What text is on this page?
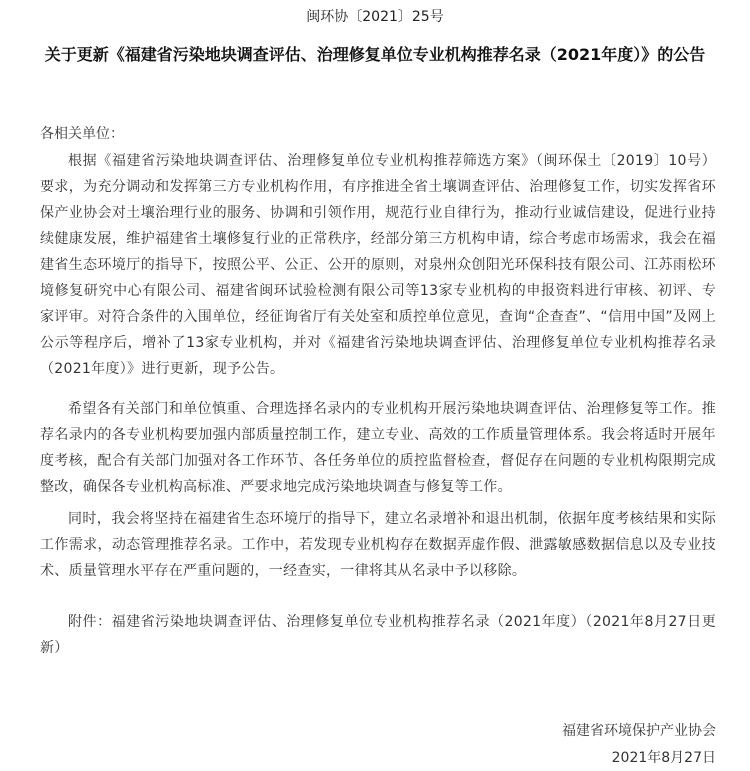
闽环协〔2021〕25号
关于更新《福建省污染地块调查评估、治理修复单位专业机构推荐名录（2021年度）》的公告
各相关单位：

根据《福建省污染地块调查评估、治理修复单位专业机构推荐筛选方案》（闽环保土〔2019〕10号）要求，为充分调动和发挥第三方专业机构作用，有序推进全省土壤调查评估、治理修复工作，切实发挥省环保产业协会对土壤治理行业的服务、协调和引领作用，规范行业自律行为，推动行业诚信建设，促进行业持续健康发展，维护福建省土壤修复行业的正常秩序，经部分第三方机构申请，综合考虑市场需求，我会在福建省生态环境厅的指导下，按照公平、公正、公开的原则，对泉州众创阳光环保科技有限公司、江苏雨松环境修复研究中心有限公司、福建省闽环试验检测有限公司等13家专业机构的申报资料进行审核、初评、专家评审。对符合条件的入围单位，经征询省厅有关处室和质控单位意见，查询“企查查”、“信用中国”及网上公示等程序后，增补了13家专业机构，并对《福建省污染地块调查评估、治理修复单位专业机构推荐名录（2021年度）》进行更新，现予公告。

希望各有关部门和单位慎重、合理选择名录内的专业机构开展污染地块调查评估、治理修复等工作。推荐名录内的各专业机构要加强内部质量控制工作，建立专业、高效的工作质量管理体系。我会将适时开展年度考核，配合有关部门加强对各工作环节、各任务单位的质控监督检查，督促存在问题的专业机构限期完成整改，确保各专业机构高标准、严要求地完成污染地块调查与修复等工作。

同时，我会将坚持在福建省生态环境厅的指导下，建立名录增补和退出机制，依据年度考核结果和实际工作需求，动态管理推荐名录。工作中，若发现专业机构存在数据弄虚作假、泄露敏感数据信息以及专业技术、质量管理水平存在严重问题的，一经查实，一律将其从名录中予以移除。

附件：福建省污染地块调查评估、治理修复单位专业机构推荐名录（2021年度）（2021年8月27日更新）

福建省环境保护产业协会
2021年8月27日
